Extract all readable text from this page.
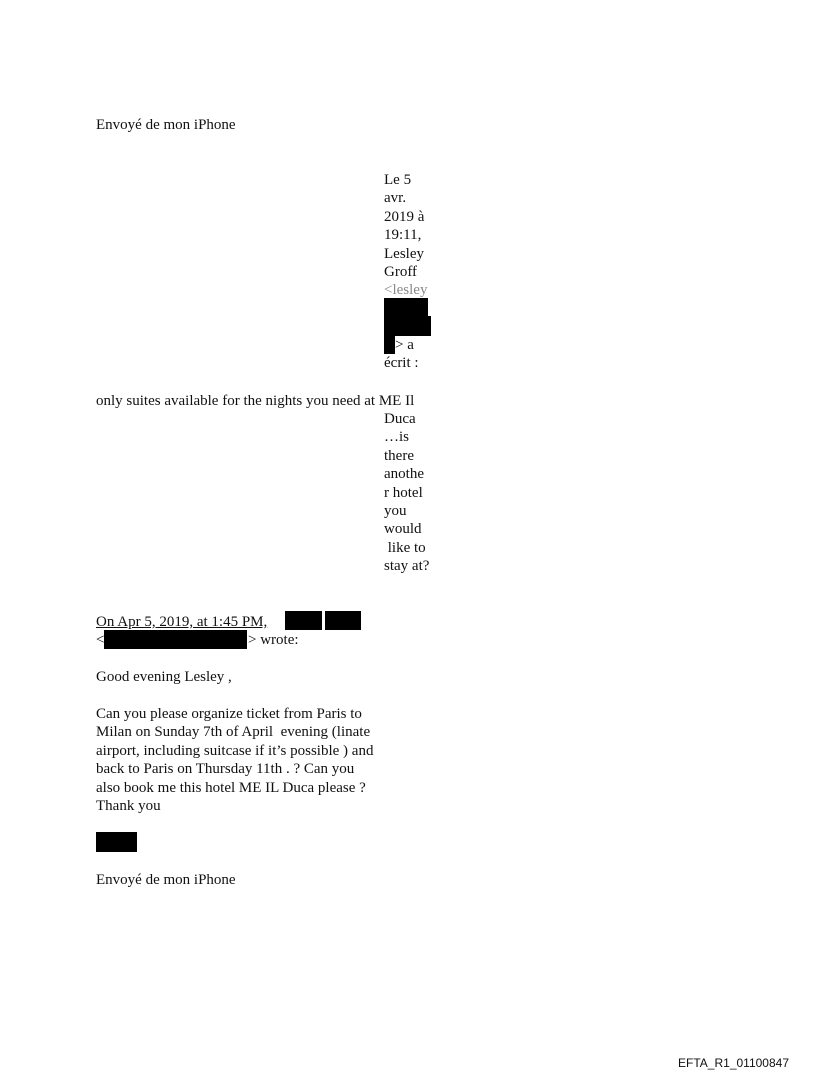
Envoyé de mon iPhone
Le 5
avr.
2019 à
19:11,
Lesley
Groff
<lesley
> a
écrit :
only suites available for the nights you need at ME Il
Duca
…is
there
anothe
r hotel
you
would
like to
stay at?
On Apr 5, 2019, at 1:45 PM,
<	> wrote:
Good evening Lesley ,
Can you please organize ticket from Paris to
Milan on Sunday 7th of April  evening (linate
airport, including suitcase if it’s possible ) and
back to Paris on Thursday 11th . ? Can you
also book me this hotel ME IL Duca please ?
Thank you
Envoyé de mon iPhone
EFTA_R1_01100847
